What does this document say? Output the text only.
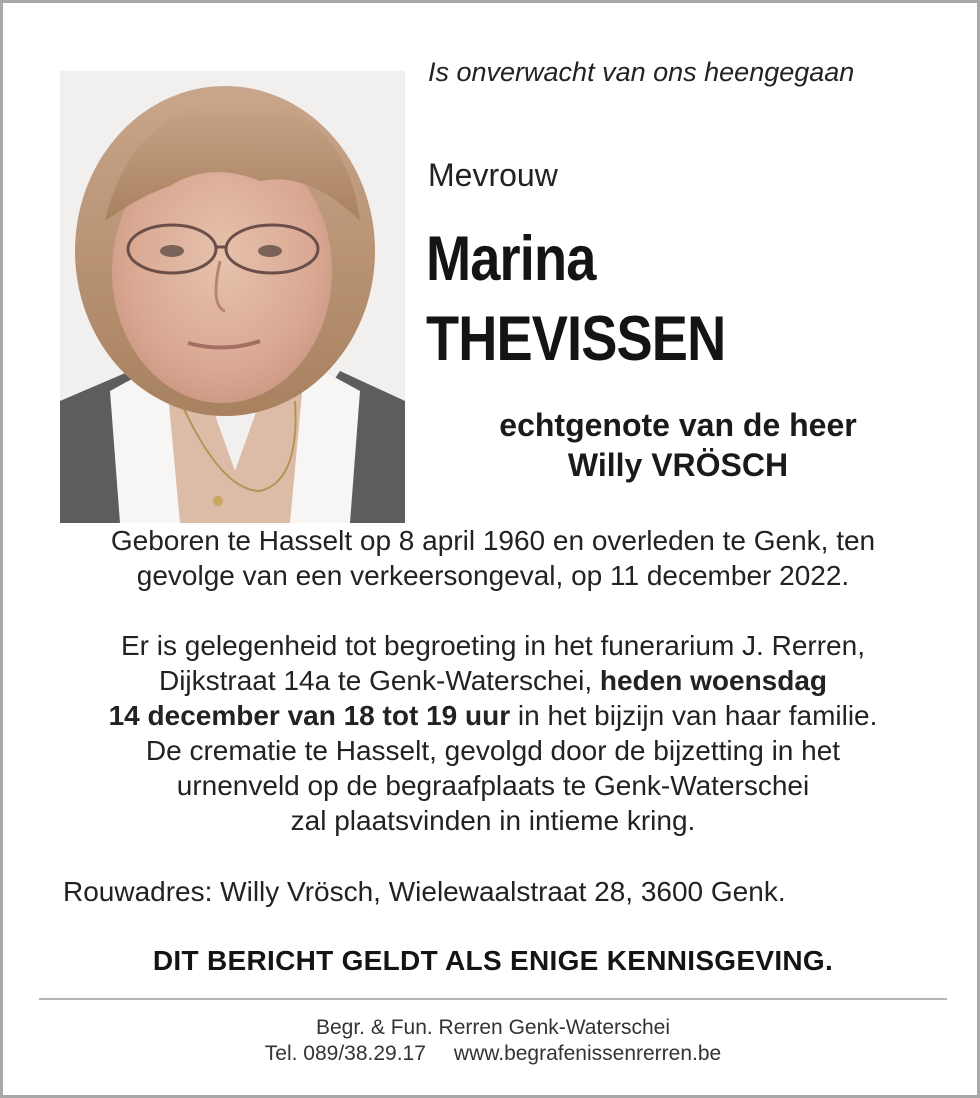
Is onverwacht van ons heengegaan
Mevrouw
Marina
THEVISSEN
echtgenote van de heer
Willy VRÖSCH
Geboren te Hasselt op 8 april 1960 en overleden te Genk, ten
gevolge van een verkeersongeval, op 11 december 2022.
Er is gelegenheid tot begroeting in het funerarium J. Rerren,
Dijkstraat 14a te Genk-Waterschei, heden woensdag
14 december van 18 tot 19 uur in het bijzijn van haar familie.
De crematie te Hasselt, gevolgd door de bijzetting in het
urnenveld op de begraafplaats te Genk-Waterschei
zal plaatsvinden in intieme kring.
Rouwadres: Willy Vrösch, Wielewaalstraat 28, 3600 Genk.
DIT BERICHT GELDT ALS ENIGE KENNISGEVING.
Begr. & Fun. Rerren Genk-Waterschei
Tel. 089/38.29.17 www.begrafenissenrerren.be
